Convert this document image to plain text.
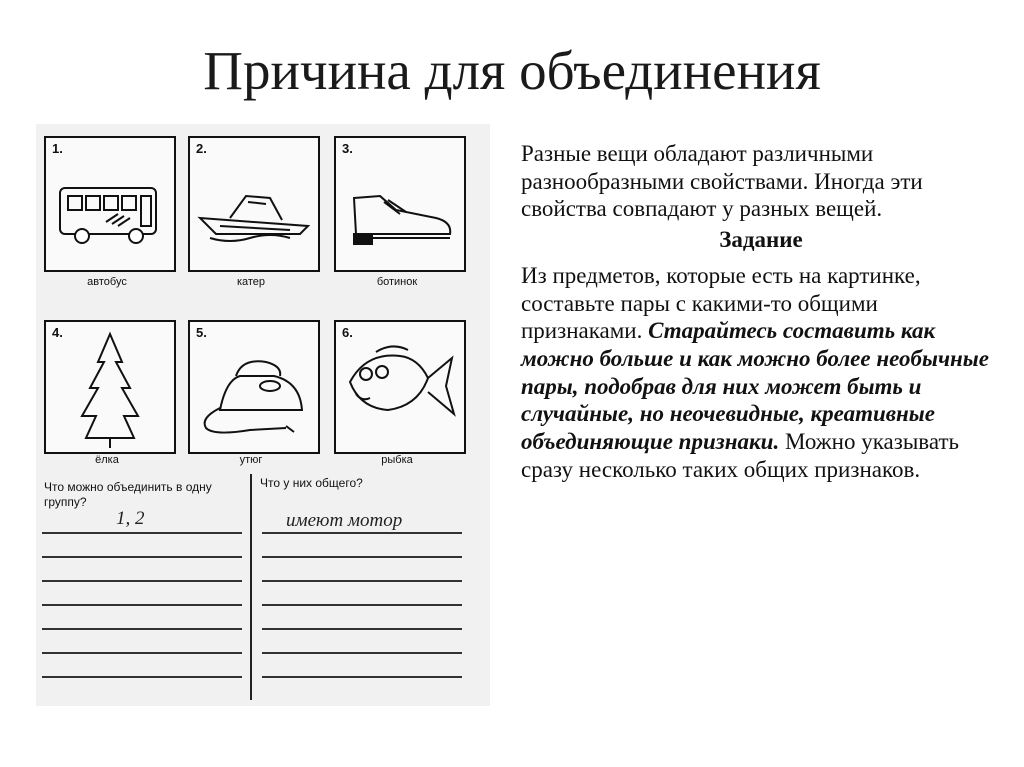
Причина для объединения
1.
автобус
2.
катер
3.
ботинок
4.
ёлка
5.
утюг
6.
рыбка
Что можно объединить в одну группу?
Что у них общего?
1, 2	имеют мотор

Разные вещи обладают различными разнообразными свойствами. Иногда эти свойства совпадают у разных вещей.

Задание

Из предметов, которые есть на картинке, составьте пары с какими-то общими признаками. Старайтесь составить как можно больше и как можно более необычные пары, подобрав для них может быть и случайные, но неочевидные, креативные объединяющие признаки. Можно указывать сразу несколько таких общих признаков.
